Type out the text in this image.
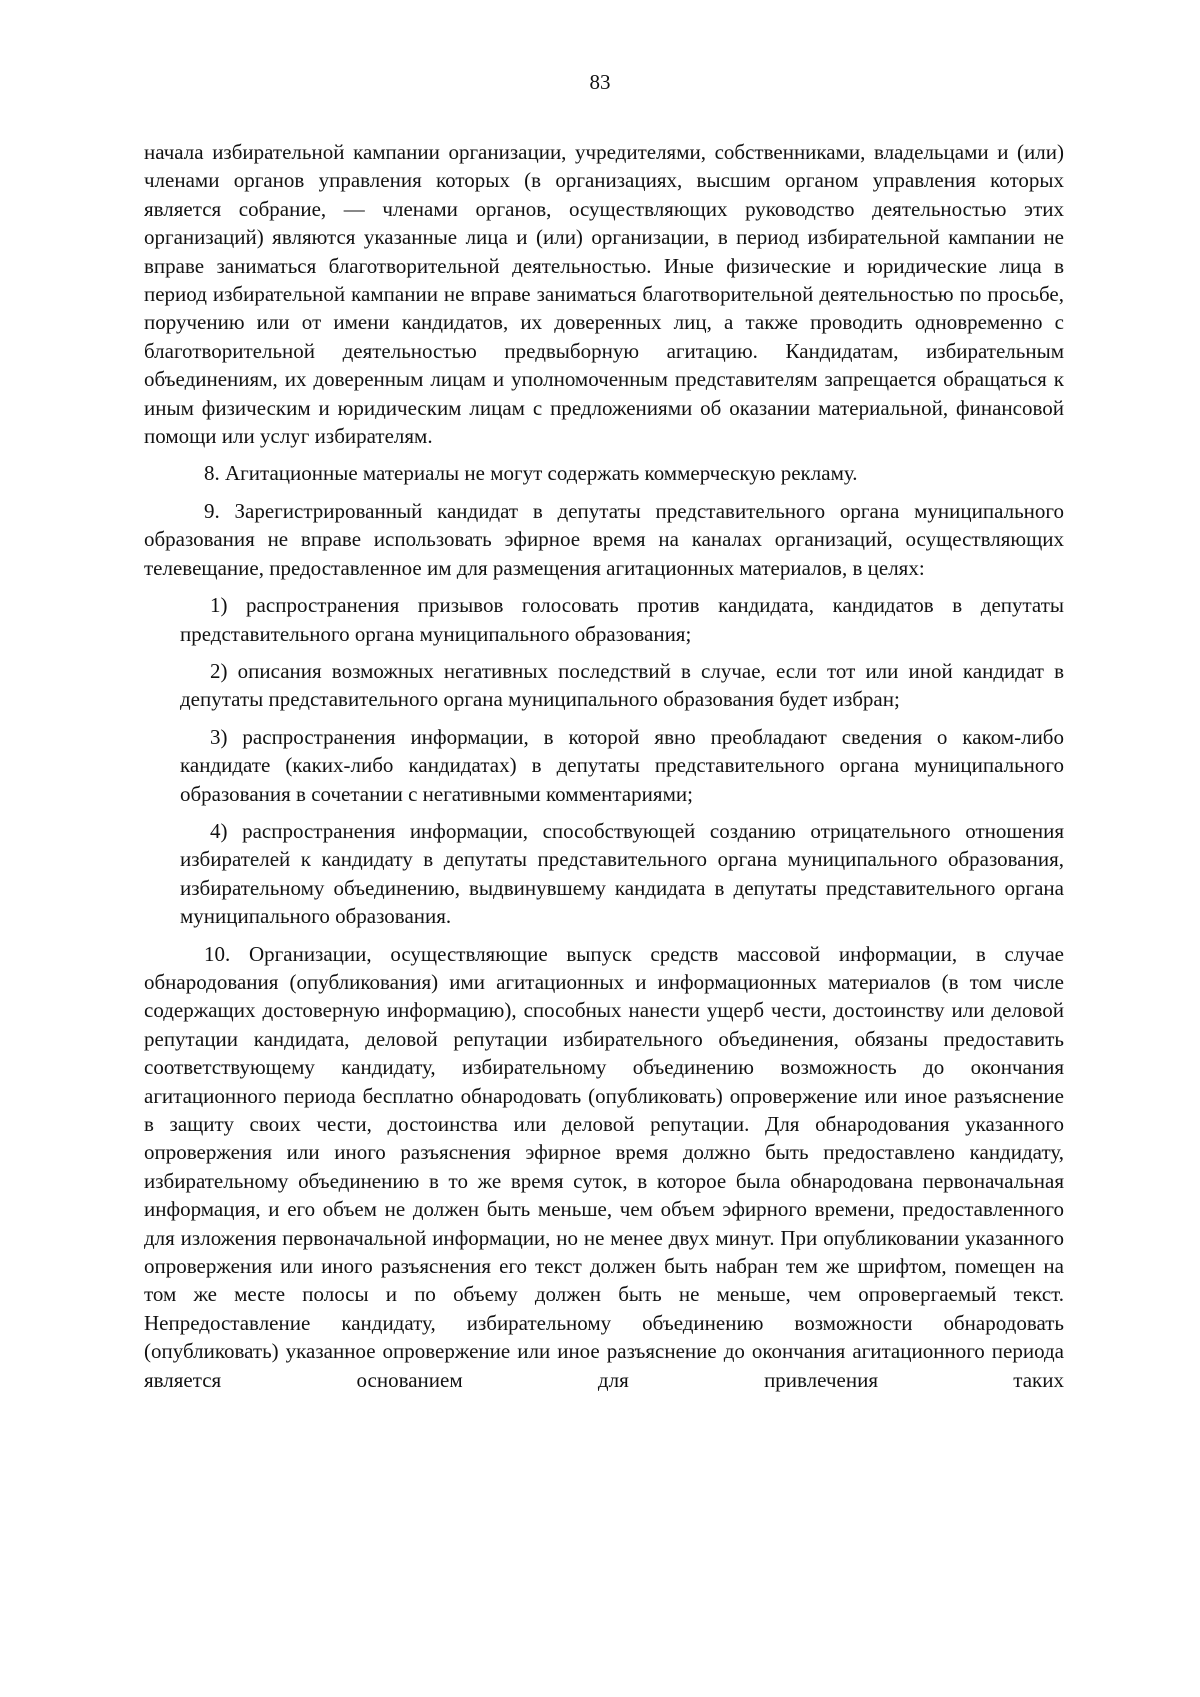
83

начала избирательной кампании организации, учредителями, собственниками, владельцами и (или) членами органов управления которых (в организациях, высшим органом управления которых является собрание, — членами органов, осуществляющих руководство деятельностью этих организаций) являются указанные лица и (или) организации, в период избирательной кампании не вправе заниматься благотворительной деятельностью. Иные физические и юридические лица в период избирательной кампании не вправе заниматься благотворительной деятельностью по просьбе, поручению или от имени кандидатов, их доверенных лиц, а также проводить одновременно с благотворительной деятельностью предвыборную агитацию. Кандидатам, избирательным объединениям, их доверенным лицам и уполномоченным представителям запрещается обращаться к иным физическим и юридическим лицам с предложениями об оказании материальной, финансовой помощи или услуг избирателям.

8. Агитационные материалы не могут содержать коммерческую рекламу.

9. Зарегистрированный кандидат в депутаты представительного органа муниципального образования не вправе использовать эфирное время на каналах организаций, осуществляющих телевещание, предоставленное им для размещения агитационных материалов, в целях:

1) распространения призывов голосовать против кандидата, кандидатов в депутаты представительного органа муниципального образования;

2) описания возможных негативных последствий в случае, если тот или иной кандидат в депутаты представительного органа муниципального образования будет избран;

3) распространения информации, в которой явно преобладают сведения о каком-либо кандидате (каких-либо кандидатах) в депутаты представительного органа муниципального образования в сочетании с негативными комментариями;

4) распространения информации, способствующей созданию отрицательного отношения избирателей к кандидату в депутаты представительного органа муниципального образования, избирательному объединению, выдвинувшему кандидата в депутаты представительного органа муниципального образования.

10. Организации, осуществляющие выпуск средств массовой информации, в случае обнародования (опубликования) ими агитационных и информационных материалов (в том числе содержащих достоверную информацию), способных нанести ущерб чести, достоинству или деловой репутации кандидата, деловой репутации избирательного объединения, обязаны предоставить соответствующему кандидату, избирательному объединению возможность до окончания агитационного периода бесплатно обнародовать (опубликовать) опровержение или иное разъяснение в защиту своих чести, достоинства или деловой репутации. Для обнародования указанного опровержения или иного разъяснения эфирное время должно быть предоставлено кандидату, избирательному объединению в то же время суток, в которое была обнародована первоначальная информация, и его объем не должен быть меньше, чем объем эфирного времени, предоставленного для изложения первоначальной информации, но не менее двух минут. При опубликовании указанного опровержения или иного разъяснения его текст должен быть набран тем же шрифтом, помещен на том же месте полосы и по объему должен быть не меньше, чем опровергаемый текст. Непредоставление кандидату, избирательному объединению возможности обнародовать (опубликовать) указанное опровержение или иное разъяснение до окончания агитационного периода является основанием для привлечения таких
